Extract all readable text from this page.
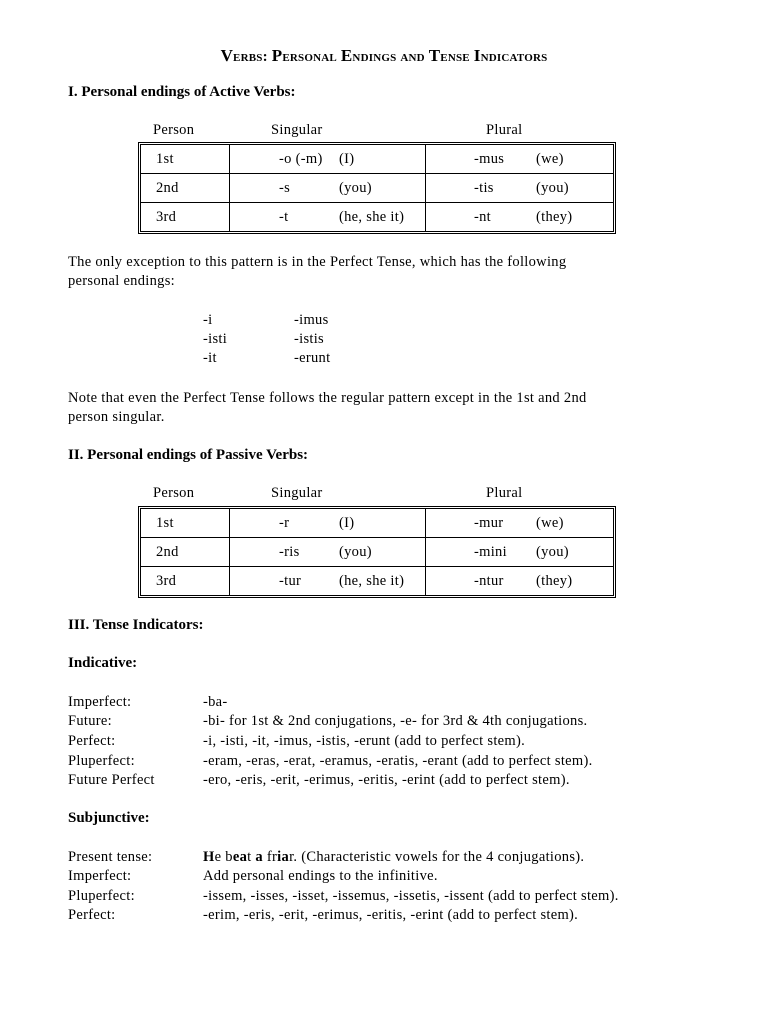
Verbs: Personal Endings and Tense Indicators
I. Personal endings of Active Verbs:
Person	Singular	Plural
1st	-o (-m) (I)	-mus (we)
2nd	-s	(you)	-tis	(you)
3rd	-t	(he, she it)	-nt	(they)
The only exception to this pattern is in the Perfect Tense, which has the following
personal endings:
-i	-imus
-isti	-istis
-it	-erunt
Note that even the Perfect Tense follows the regular pattern except in the 1st and 2nd
person singular.
II. Personal endings of Passive Verbs:
Person	Singular	Plural
1st	-r	(I)	-mur (we)
2nd	-ris	(you)	-mini (you)
3rd	-tur	(he, she it)	-ntur (they)
III. Tense Indicators:
Indicative:
Imperfect:	-ba-
Future:	-bi- for 1st & 2nd conjugations, -e- for 3rd & 4th conjugations.
Perfect:	-i, -isti, -it, -imus, -istis, -erunt (add to perfect stem).
Pluperfect:	-eram, -eras, -erat, -eramus, -eratis, -erant (add to perfect stem).
Future Perfect	-ero, -eris, -erit, -erimus, -eritis, -erint (add to perfect stem).
Subjunctive:
Present tense:	He beat a friar. (Characteristic vowels for the 4 conjugations).
Imperfect:	Add personal endings to the infinitive.
Pluperfect:	-issem, -isses, -isset, -issemus, -issetis, -issent (add to perfect stem).
Perfect:	-erim, -eris, -erit, -erimus, -eritis, -erint (add to perfect stem).
